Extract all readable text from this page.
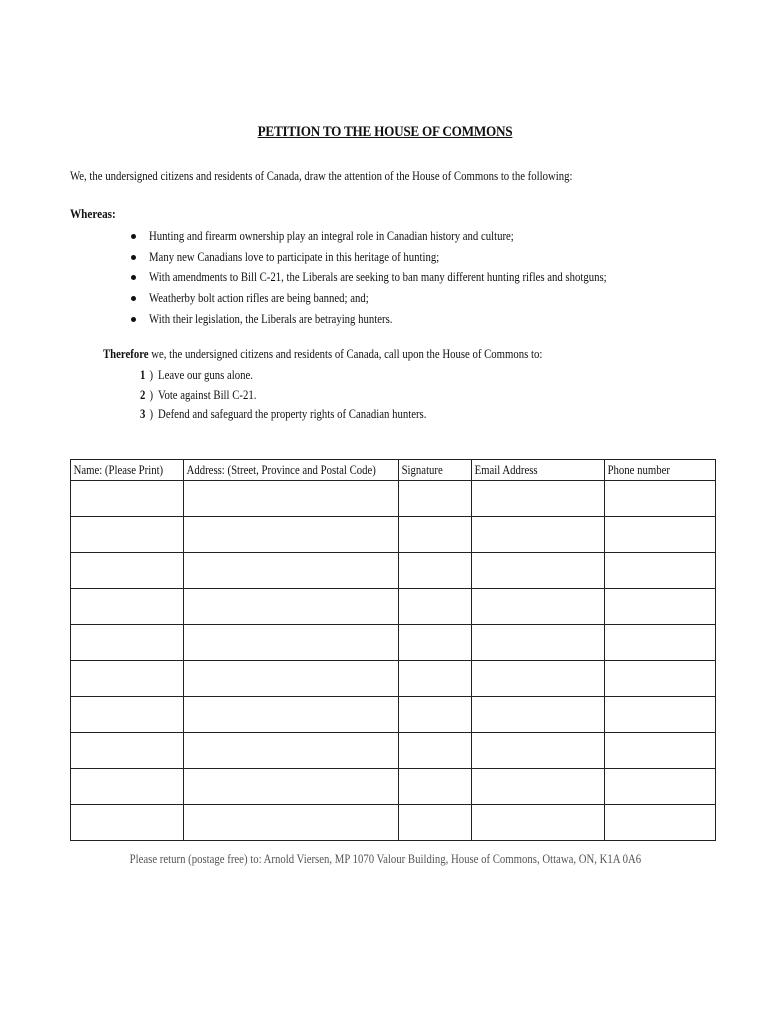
PETITION TO THE HOUSE OF COMMONS
We, the undersigned citizens and residents of Canada, draw the attention of the House of Commons to the following:
Whereas:
Hunting and firearm ownership play an integral role in Canadian history and culture;
Many new Canadians love to participate in this heritage of hunting;
With amendments to Bill C-21, the Liberals are seeking to ban many different hunting rifles and shotguns;
Weatherby bolt action rifles are being banned; and;
With their legislation, the Liberals are betraying hunters.
Therefore we, the undersigned citizens and residents of Canada, call upon the House of Commons to:
1 ) Leave our guns alone.
2 ) Vote against Bill C-21.
3 ) Defend and safeguard the property rights of Canadian hunters.
Name: (Please Print)	Address: (Street, Province and Postal Code)	Signature	Email Address	Phone number

Please return (postage free) to: Arnold Viersen, MP 1070 Valour Building, House of Commons, Ottawa, ON, K1A 0A6
